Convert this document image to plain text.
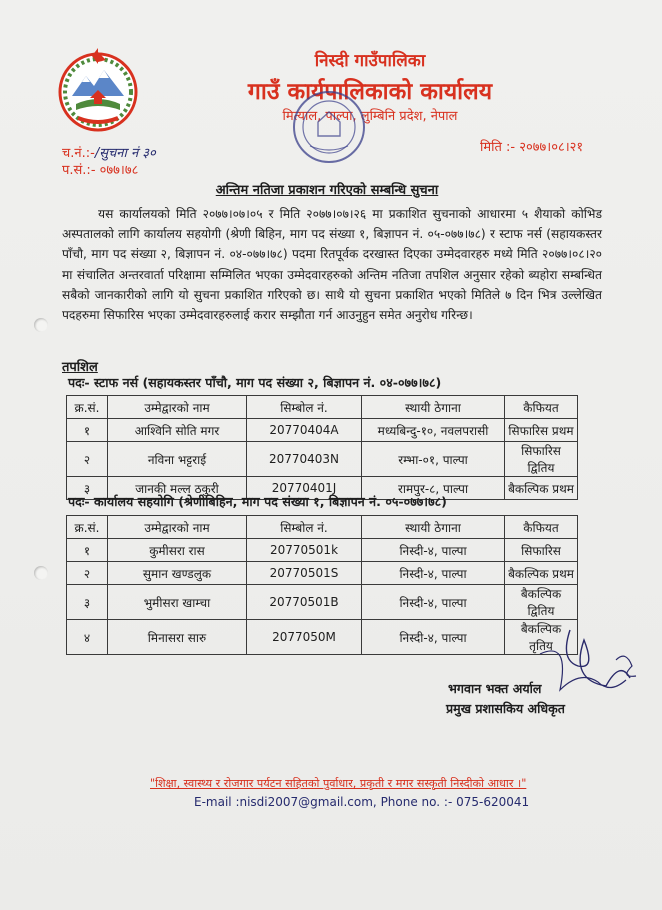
निस्दी गाउँपालिका
गाउँ कार्यपालिकाको कार्यालय
मित्याल, पाल्पा, लुम्बिनि प्रदेश, नेपाल
च.नं.:-/सुचना नं ३०
प.सं.:- ०७७।७८
मिति :- २०७७।०८।२१
अन्तिम नतिजा प्रकाशन गरिएको सम्बन्धि सुचना

यस कार्यालयको मिति २०७७।०७।०५ र मिति २०७७।०७।२६ मा प्रकाशित सुचनाको आधारमा ५ शैयाको कोभिड अस्पतालको लागि कार्यालय सहयोगी (श्रेणी बिहिन, माग पद संख्या १, बिज्ञापन नं. ०५-०७७।७८) र स्टाफ नर्स (सहायकस्तर पाँचौ, माग पद संख्या २, बिज्ञापन नं. ०४-०७७।७८) पदमा रितपूर्वक दरखास्त दिएका उम्मेदवारहरु मध्ये मिति २०७७।०८।२० मा संचालित अन्तरवार्ता परिक्षामा सम्मिलित भएका उम्मेदवारहरुको अन्तिम नतिजा तपशिल अनुसार रहेको ब्यहोरा सम्बन्धित सबैको जानकारीको लागि यो सुचना प्रकाशित गरिएको छ। साथै यो सुचना प्रकाशित भएको मितिले ७ दिन भित्र उल्लेखित पदहरुमा सिफारिस भएका उम्मेदवारहरुलाई करार सम्झौता गर्न आउनुहुन समेत अनुरोध गरिन्छ।

तपशिल
पदः- स्टाफ नर्स (सहायकस्तर पाँचौ, माग पद संख्या २, बिज्ञापन नं. ०४-०७७।७८)
क्र.सं.	उम्मेद्वारको नाम	सिम्बोल नं.	स्थायी ठेगाना	कैफियत
१	आश्विनि सोति मगर	20770404A	मध्यबिन्दु-१०, नवलपरासी	सिफारिस प्रथम
२	नविना भट्टराई	20770403N	रम्भा-०१, पाल्पा	सिफारिस द्वितिय
३	जानकी मल्ल ठकुरी	20770401J	रामपुर-८, पाल्पा	बैकल्पिक प्रथम
पदः- कार्यालय सहयोगि (श्रेणीबिहिन, माग पद संख्या १, बिज्ञापन नं. ०५-०७७।७८)
क्र.सं.	उम्मेद्वारको नाम	सिम्बोल नं.	स्थायी ठेगाना	कैफियत
१	कुमीसरा रास	20770501k	निस्दी-४, पाल्पा	सिफारिस
२	सुमान खण्डलुक	20770501S	निस्दी-४, पाल्पा	बैकल्पिक प्रथम
३	भुमीसरा खाम्चा	20770501B	निस्दी-४, पाल्पा	बैकल्पिक द्वितिय
४	मिनासरा सारु	2077050M	निस्दी-४, पाल्पा	बैकल्पिक तृतिय
भगवान भक्त अर्याल
प्रमुख प्रशासकिय अधिकृत
"शिक्षा, स्वास्थ्य र रोजगार पर्यटन सहितको पुर्वाधार, प्रकृती र मगर सस्कृती निस्दीको आधार ।"
E-mail :nisdi2007@gmail.com, Phone no. :- 075-620041
